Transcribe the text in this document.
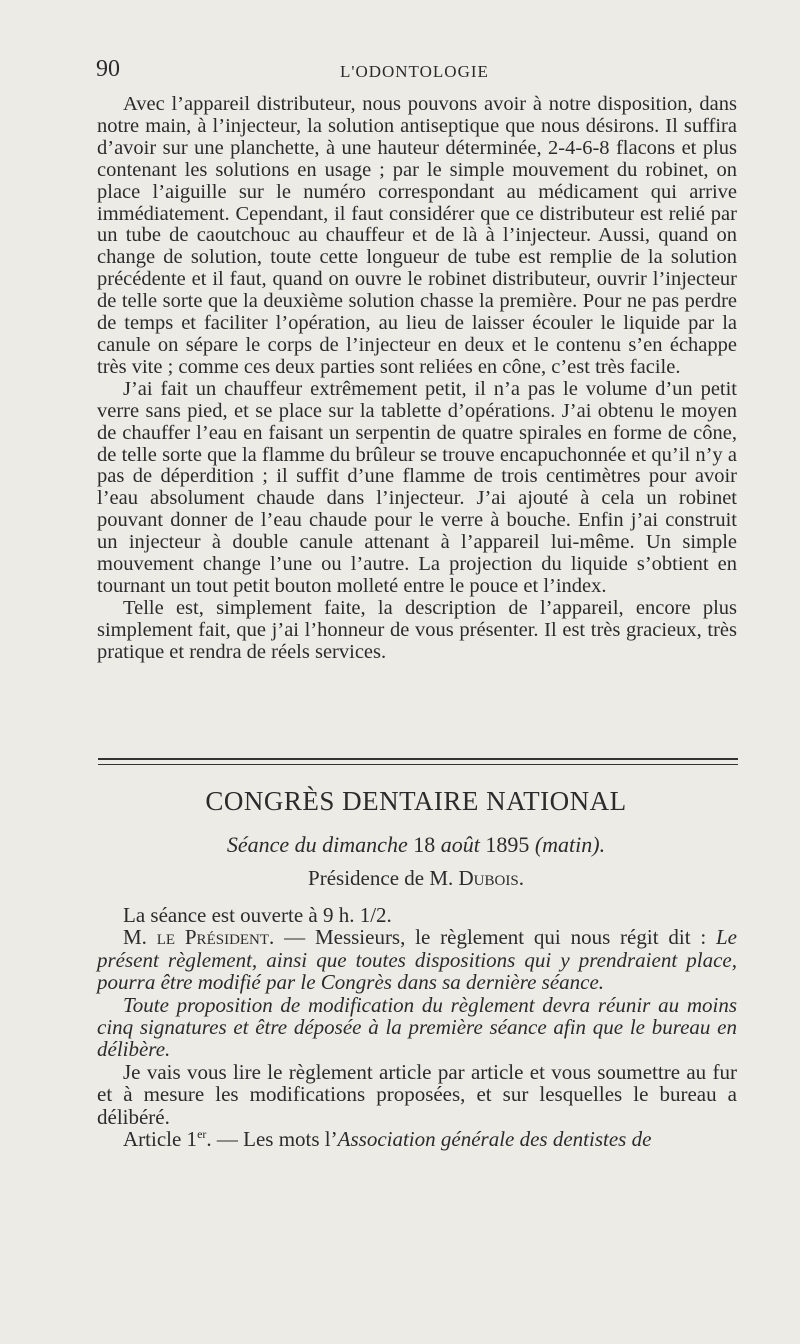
90	L'ODONTOLOGIE

Avec l’appareil distributeur, nous pouvons avoir à notre disposition, dans notre main, à l’injecteur, la solution antiseptique que nous désirons. Il suffira d’avoir sur une planchette, à une hauteur déterminée, 2-4-6-8 flacons et plus contenant les solutions en usage ; par le simple mouvement du robinet, on place l’aiguille sur le numéro correspondant au médicament qui arrive immédiatement. Cependant, il faut considérer que ce distributeur est relié par un tube de caoutchouc au chauffeur et de là à l’injecteur. Aussi, quand on change de solution, toute cette longueur de tube est remplie de la solution précédente et il faut, quand on ouvre le robinet distributeur, ouvrir l’injecteur de telle sorte que la deuxième solution chasse la première. Pour ne pas perdre de temps et faciliter l’opération, au lieu de laisser écouler le liquide par la canule on sépare le corps de l’injecteur en deux et le contenu s’en échappe très vite ; comme ces deux parties sont reliées en cône, c’est très facile.

J’ai fait un chauffeur extrêmement petit, il n’a pas le volume d’un petit verre sans pied, et se place sur la tablette d’opérations. J’ai obtenu le moyen de chauffer l’eau en faisant un serpentin de quatre spirales en forme de cône, de telle sorte que la flamme du brûleur se trouve encapuchonnée et qu’il n’y a pas de déperdition ; il suffit d’une flamme de trois centimètres pour avoir l’eau absolument chaude dans l’injecteur. J’ai ajouté à cela un robinet pouvant donner de l’eau chaude pour le verre à bouche. Enfin j’ai construit un injecteur à double canule attenant à l’appareil lui-même. Un simple mouvement change l’une ou l’autre. La projection du liquide s’obtient en tournant un tout petit bouton molleté entre le pouce et l’index.

Telle est, simplement faite, la description de l’appareil, encore plus simplement fait, que j’ai l’honneur de vous présenter. Il est très gracieux, très pratique et rendra de réels services.

CONGRÈS DENTAIRE NATIONAL
Séance du dimanche 18 août 1895 (matin).
Présidence de M. Dubois.

La séance est ouverte à 9 h. 1/2.

M. le Président. — Messieurs, le règlement qui nous régit dit : Le présent règlement, ainsi que toutes dispositions qui y prendraient place, pourra être modifié par le Congrès dans sa dernière séance.

Toute proposition de modification du règlement devra réunir au moins cinq signatures et être déposée à la première séance afin que le bureau en délibère.

Je vais vous lire le règlement article par article et vous soumettre au fur et à mesure les modifications proposées, et sur lesquelles le bureau a délibéré.

Article 1er. — Les mots l’Association générale des dentistes de
